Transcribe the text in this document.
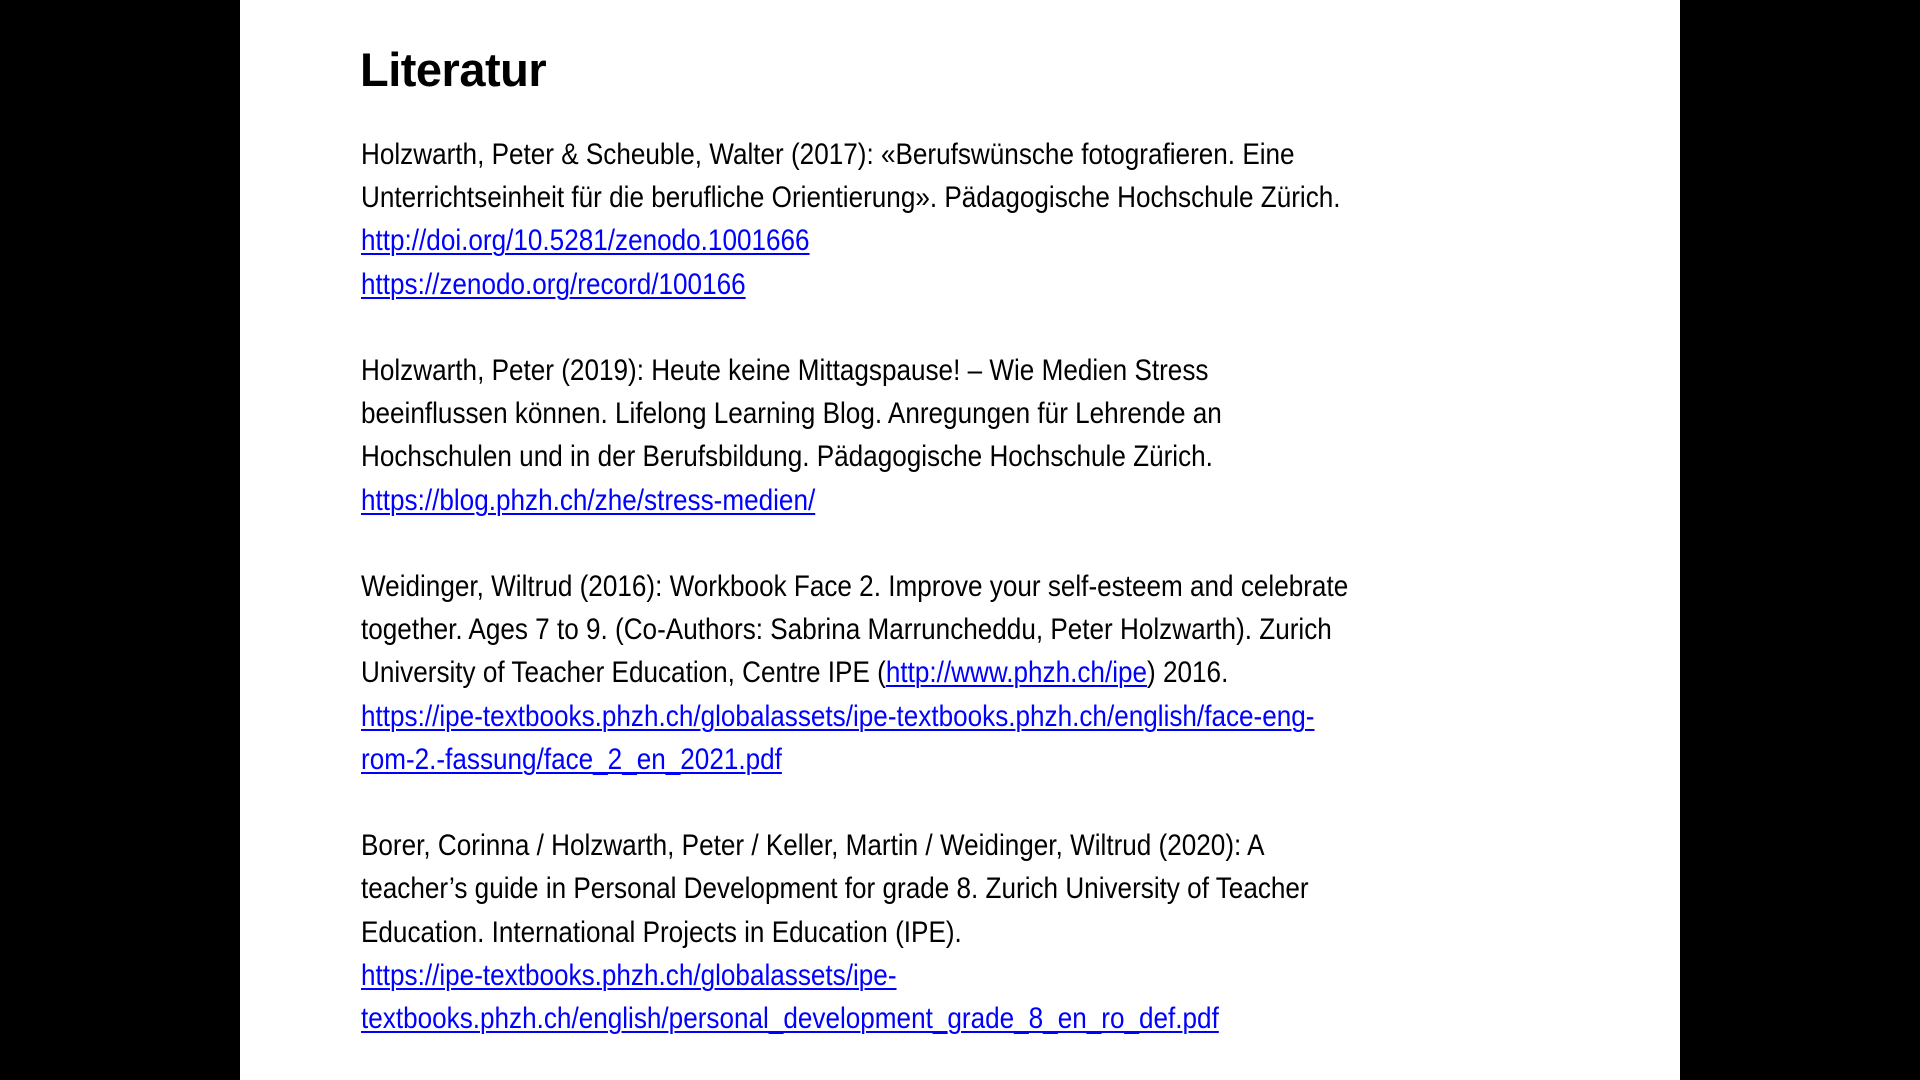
Literatur
Holzwarth, Peter & Scheuble, Walter (2017): «Berufswünsche fotografieren. Eine
Unterrichtseinheit für die berufliche Orientierung». Pädagogische Hochschule Zürich.
http://doi.org/10.5281/zenodo.1001666
https://zenodo.org/record/100166
Holzwarth, Peter (2019): Heute keine Mittagspause! – Wie Medien Stress
beeinflussen können. Lifelong Learning Blog. Anregungen für Lehrende an
Hochschulen und in der Berufsbildung. Pädagogische Hochschule Zürich.
https://blog.phzh.ch/zhe/stress-medien/
Weidinger, Wiltrud (2016): Workbook Face 2. Improve your self-esteem and celebrate
together. Ages 7 to 9. (Co-Authors: Sabrina Marruncheddu, Peter Holzwarth). Zurich
University of Teacher Education, Centre IPE (http://www.phzh.ch/ipe) 2016.
https://ipe-textbooks.phzh.ch/globalassets/ipe-textbooks.phzh.ch/english/face-eng-
rom-2.-fassung/face_2_en_2021.pdf
Borer, Corinna / Holzwarth, Peter / Keller, Martin / Weidinger, Wiltrud (2020): A
teacher’s guide in Personal Development for grade 8. Zurich University of Teacher
Education. International Projects in Education (IPE).
https://ipe-textbooks.phzh.ch/globalassets/ipe-
textbooks.phzh.ch/english/personal_development_grade_8_en_ro_def.pdf
